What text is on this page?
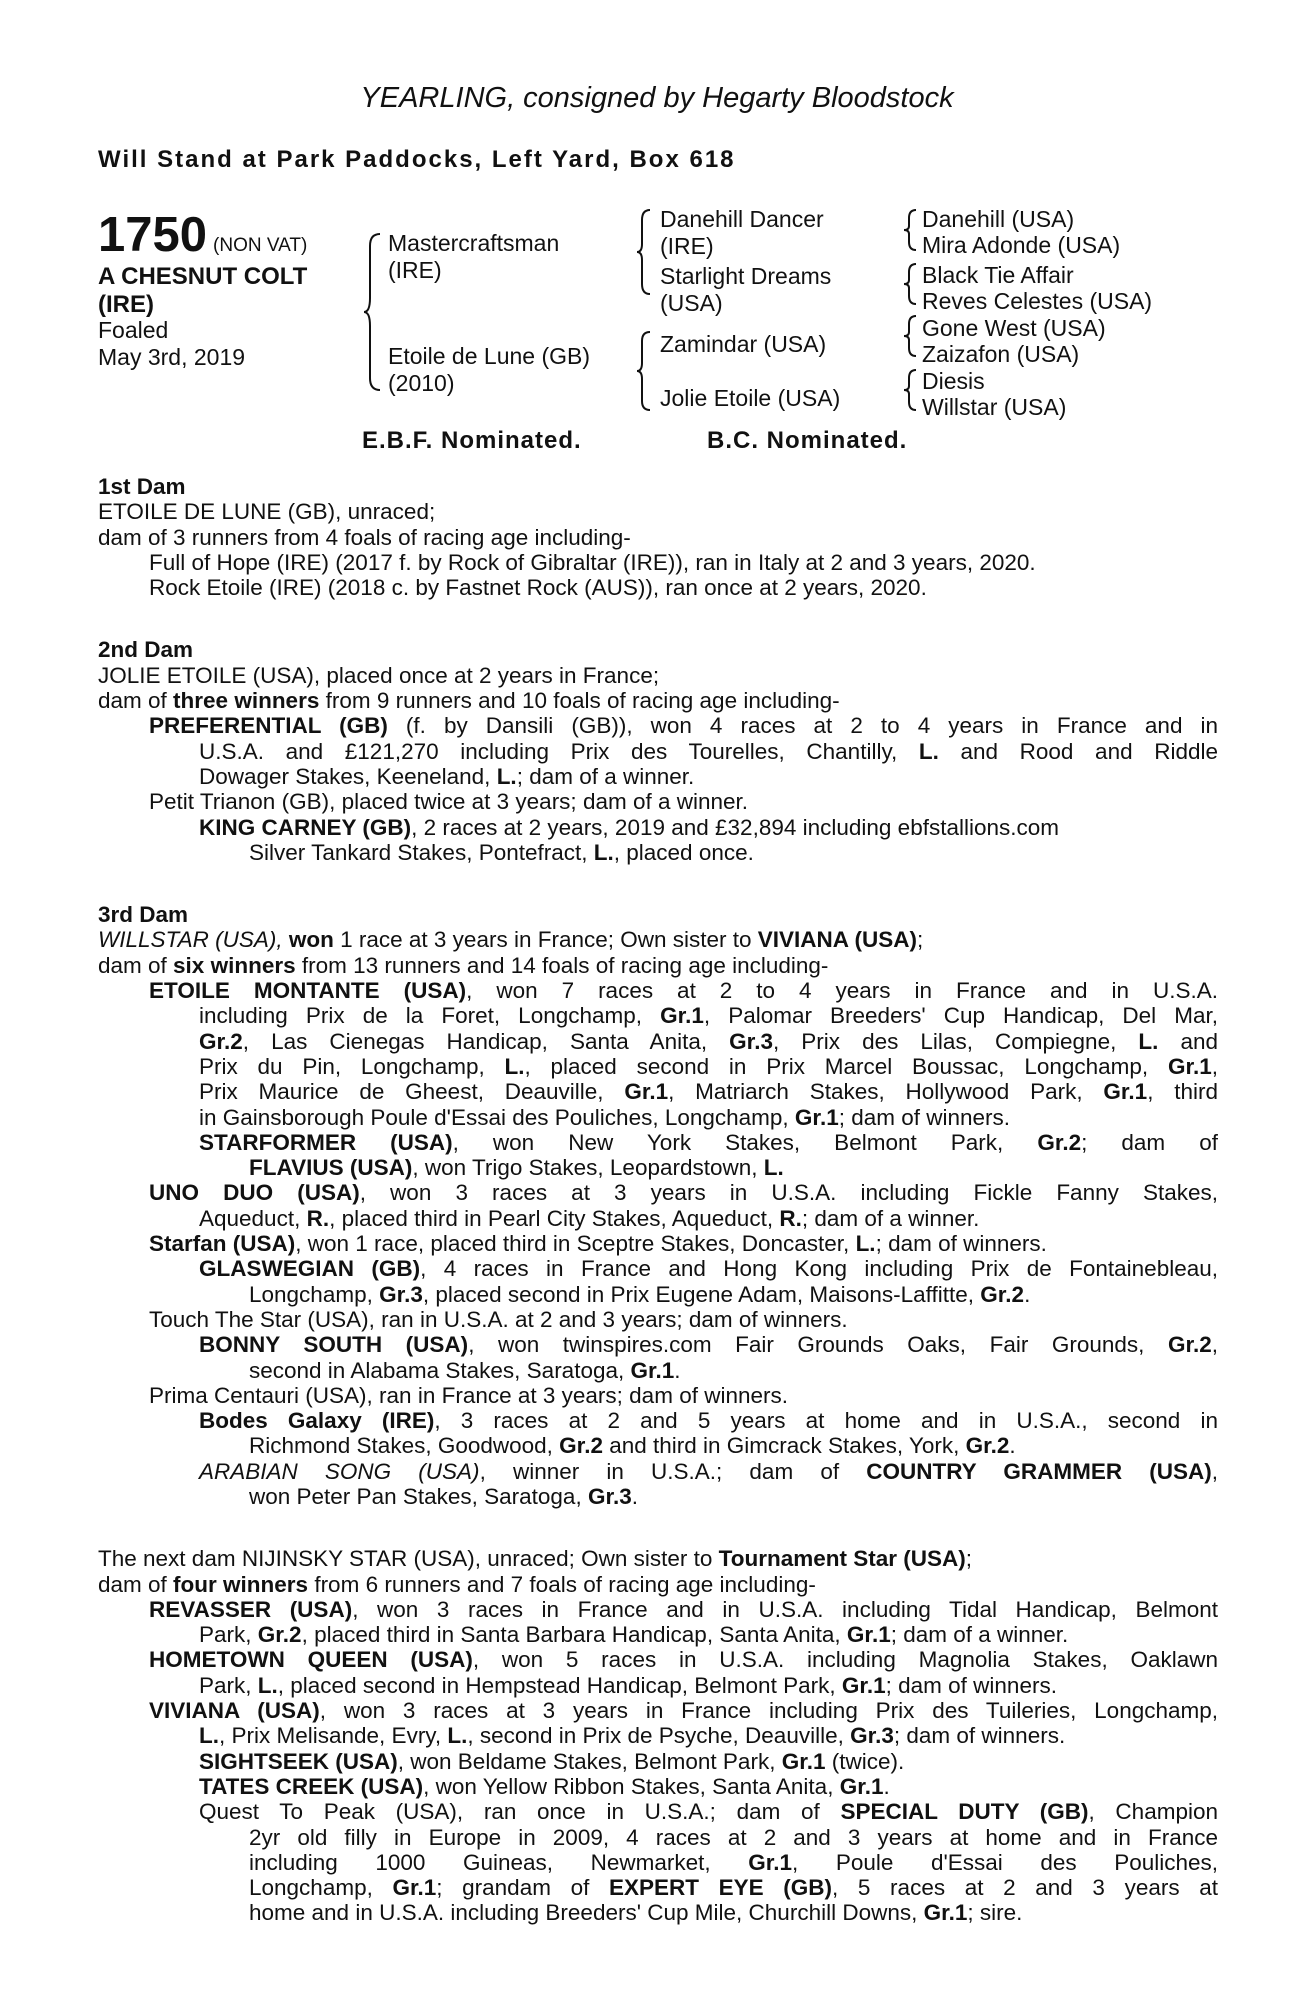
YEARLING, consigned by Hegarty Bloodstock
Will Stand at Park Paddocks, Left Yard, Box 618
1750 (NON VAT)
A CHESNUT COLT
(IRE)
Foaled
May 3rd, 2019
Mastercraftsman
(IRE)
Etoile de Lune (GB)
(2010)
Danehill Dancer
(IRE)
Starlight Dreams
(USA)
Zamindar (USA)
Jolie Etoile (USA)
Danehill (USA)
Mira Adonde (USA)
Black Tie Affair
Reves Celestes (USA)
Gone West (USA)
Zaizafon (USA)
Diesis
Willstar (USA)
E.B.F. Nominated.	B.C. Nominated.
1st Dam
ETOILE DE LUNE (GB), unraced;
dam of 3 runners from 4 foals of racing age including-
Full of Hope (IRE) (2017 f. by Rock of Gibraltar (IRE)), ran in Italy at 2 and 3 years, 2020.
Rock Etoile (IRE) (2018 c. by Fastnet Rock (AUS)), ran once at 2 years, 2020.
2nd Dam
JOLIE ETOILE (USA), placed once at 2 years in France;
dam of three winners from 9 runners and 10 foals of racing age including-
PREFERENTIAL (GB) (f. by Dansili (GB)), won 4 races at 2 to 4 years in France and in
U.S.A. and £121,270 including Prix des Tourelles, Chantilly, L. and Rood and Riddle
Dowager Stakes, Keeneland, L.; dam of a winner.
Petit Trianon (GB), placed twice at 3 years; dam of a winner.
KING CARNEY (GB), 2 races at 2 years, 2019 and £32,894 including ebfstallions.com
Silver Tankard Stakes, Pontefract, L., placed once.
3rd Dam
WILLSTAR (USA), won 1 race at 3 years in France; Own sister to VIVIANA (USA);
dam of six winners from 13 runners and 14 foals of racing age including-
ETOILE MONTANTE (USA), won 7 races at 2 to 4 years in France and in U.S.A.
including Prix de la Foret, Longchamp, Gr.1, Palomar Breeders' Cup Handicap, Del Mar,
Gr.2, Las Cienegas Handicap, Santa Anita, Gr.3, Prix des Lilas, Compiegne, L. and
Prix du Pin, Longchamp, L., placed second in Prix Marcel Boussac, Longchamp, Gr.1,
Prix Maurice de Gheest, Deauville, Gr.1, Matriarch Stakes, Hollywood Park, Gr.1, third
in Gainsborough Poule d'Essai des Pouliches, Longchamp, Gr.1; dam of winners.
STARFORMER (USA), won New York Stakes, Belmont Park, Gr.2; dam of
FLAVIUS (USA), won Trigo Stakes, Leopardstown, L.
UNO DUO (USA), won 3 races at 3 years in U.S.A. including Fickle Fanny Stakes,
Aqueduct, R., placed third in Pearl City Stakes, Aqueduct, R.; dam of a winner.
Starfan (USA), won 1 race, placed third in Sceptre Stakes, Doncaster, L.; dam of winners.
GLASWEGIAN (GB), 4 races in France and Hong Kong including Prix de Fontainebleau,
Longchamp, Gr.3, placed second in Prix Eugene Adam, Maisons-Laffitte, Gr.2.
Touch The Star (USA), ran in U.S.A. at 2 and 3 years; dam of winners.
BONNY SOUTH (USA), won twinspires.com Fair Grounds Oaks, Fair Grounds, Gr.2,
second in Alabama Stakes, Saratoga, Gr.1.
Prima Centauri (USA), ran in France at 3 years; dam of winners.
Bodes Galaxy (IRE), 3 races at 2 and 5 years at home and in U.S.A., second in
Richmond Stakes, Goodwood, Gr.2 and third in Gimcrack Stakes, York, Gr.2.
ARABIAN SONG (USA), winner in U.S.A.; dam of COUNTRY GRAMMER (USA),
won Peter Pan Stakes, Saratoga, Gr.3.
The next dam NIJINSKY STAR (USA), unraced; Own sister to Tournament Star (USA);
dam of four winners from 6 runners and 7 foals of racing age including-
REVASSER (USA), won 3 races in France and in U.S.A. including Tidal Handicap, Belmont
Park, Gr.2, placed third in Santa Barbara Handicap, Santa Anita, Gr.1; dam of a winner.
HOMETOWN QUEEN (USA), won 5 races in U.S.A. including Magnolia Stakes, Oaklawn
Park, L., placed second in Hempstead Handicap, Belmont Park, Gr.1; dam of winners.
VIVIANA (USA), won 3 races at 3 years in France including Prix des Tuileries, Longchamp,
L., Prix Melisande, Evry, L., second in Prix de Psyche, Deauville, Gr.3; dam of winners.
SIGHTSEEK (USA), won Beldame Stakes, Belmont Park, Gr.1 (twice).
TATES CREEK (USA), won Yellow Ribbon Stakes, Santa Anita, Gr.1.
Quest To Peak (USA), ran once in U.S.A.; dam of SPECIAL DUTY (GB), Champion
2yr old filly in Europe in 2009, 4 races at 2 and 3 years at home and in France
including 1000 Guineas, Newmarket, Gr.1, Poule d'Essai des Pouliches,
Longchamp, Gr.1; grandam of EXPERT EYE (GB), 5 races at 2 and 3 years at
home and in U.S.A. including Breeders' Cup Mile, Churchill Downs, Gr.1; sire.
